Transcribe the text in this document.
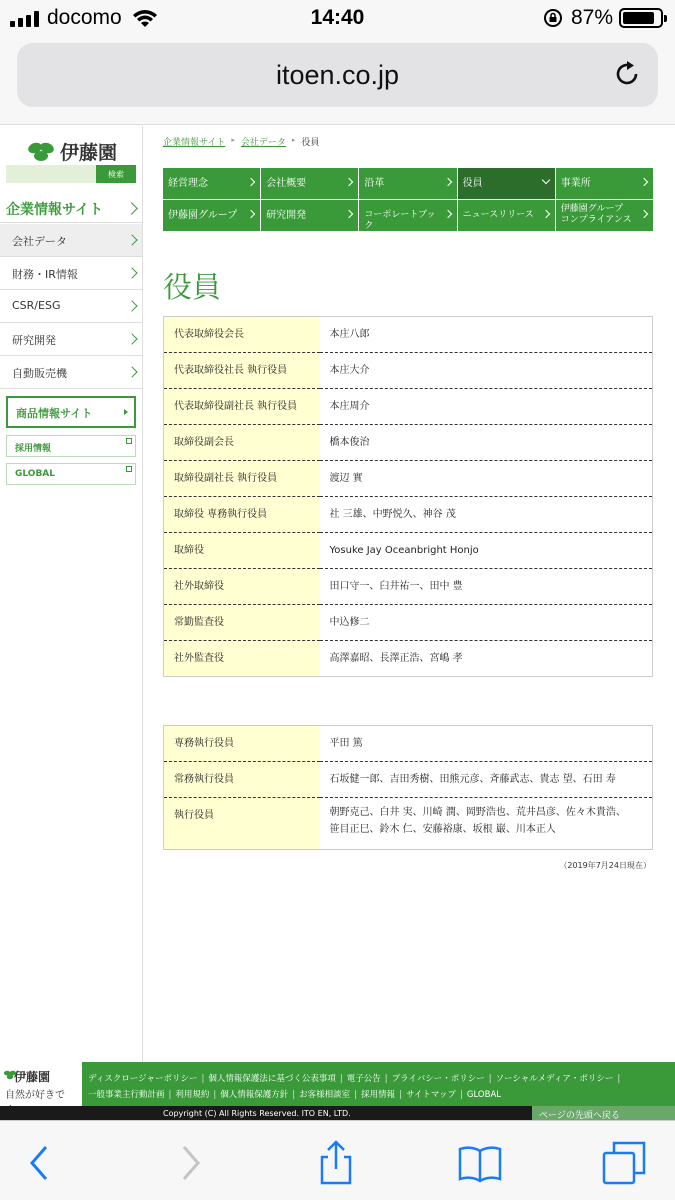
docomo	14:40	87%
itoen.co.jp
伊藤園
検索
企業情報サイト
会社データ
財務・IR情報
CSR/ESG
研究開発
自動販売機
商品情報サイト
採用情報
GLOBAL
企業情報サイト ▸ 会社データ ▸ 役員
経営理念	会社概要	沿革	役員	事業所
伊藤園グループ	研究開発	コーポレートブック
ニュースリリース
伊藤園グループ
コンプライアンス
役員
代表取締役会長	本庄八郎
代表取締役社長 執行役員	本庄大介
代表取締役副社長 執行役員	本庄周介
取締役副会長	橋本俊治
取締役副社長 執行役員	渡辺 實
取締役 専務執行役員	社 三雄、中野悦久、神谷 茂
取締役	Yosuke Jay Oceanbright Honjo
社外取締役	田口守一、臼井祐一、田中 豊
常勤監査役	中込修二
社外監査役	高澤嘉昭、長澤正浩、宮嶋 孝
専務執行役員	平田 篤
常務執行役員	石坂健一郎、吉田秀樹、田熊元彦、斉藤武志、貴志 望、石田 寿
執行役員	朝野克己、白井 実、川崎 潤、岡野浩也、荒井昌彦、佐々木貴浩、
笹目正巳、鈴木 仁、安藤裕康、坂根 巌、川本正人
（2019年7月24日現在）
伊藤園
自然が好きで
ディスクロージャーポリシー | 個人情報保護法に基づく公表事項 | 電子公告 | プライバシー・ポリシー | ソーシャルメディア・ポリシー |
一般事業主行動計画 | 利用規約 | 個人情報保護方針 | お客様相談室 | 採用情報 | サイトマップ | GLOBAL
Copyright (C) All Rights Reserved. ITO EN, LTD.	ページの先頭へ戻る
